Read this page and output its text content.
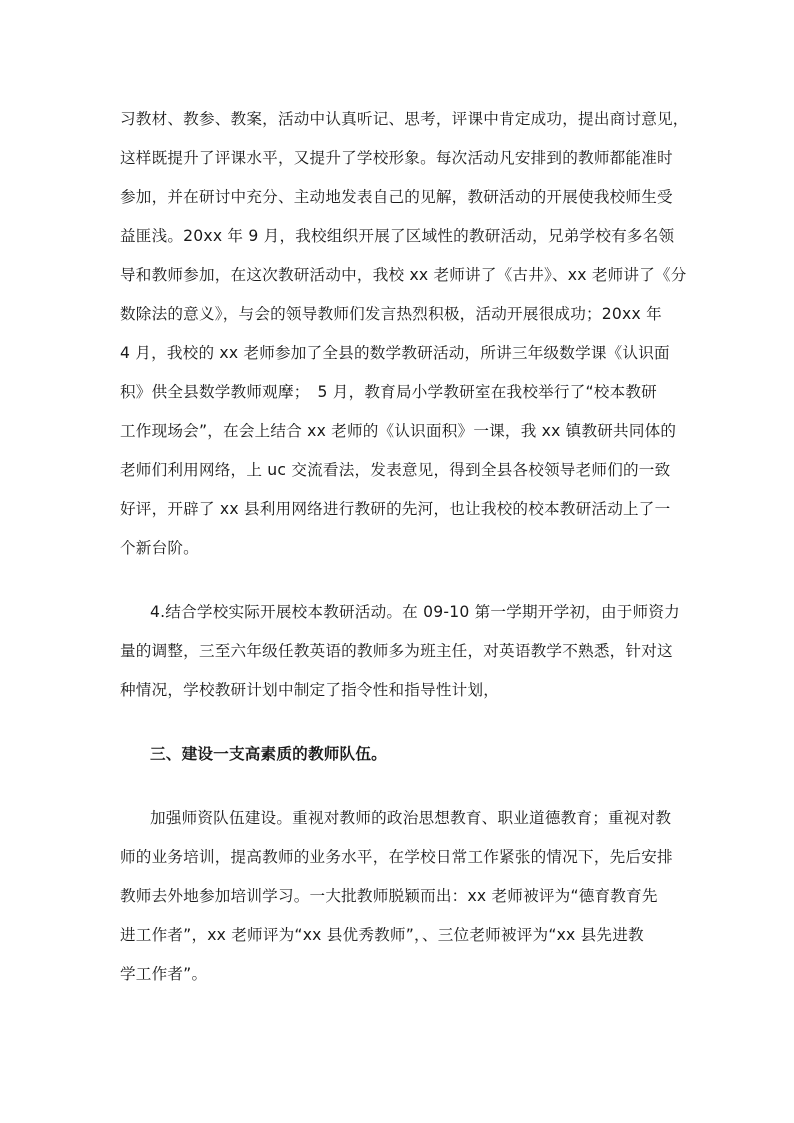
习教材、教参、教案，活动中认真听记、思考，评课中肯定成功，提出商讨意见，
这样既提升了评课水平，又提升了学校形象。每次活动凡安排到的教师都能准时
参加，并在研讨中充分、主动地发表自己的见解，教研活动的开展使我校师生受
益匪浅。20xx 年 9 月，我校组织开展了区域性的教研活动，兄弟学校有多名领
导和教师参加，在这次教研活动中，我校 xx 老师讲了《古井》、xx 老师讲了《分
数除法的意义》，与会的领导教师们发言热烈积极，活动开展很成功；20xx 年
4 月，我校的 xx 老师参加了全县的数学教研活动，所讲三年级数学课《认识面
积》供全县数学教师观摩；　5 月，教育局小学教研室在我校举行了“校本教研
工作现场会”，在会上结合 xx 老师的《认识面积》一课，我 xx 镇教研共同体的
老师们利用网络，上 uc 交流看法，发表意见，得到全县各校领导老师们的一致
好评，开辟了 xx 县利用网络进行教研的先河，也让我校的校本教研活动上了一
个新台阶。
4.结合学校实际开展校本教研活动。在 09-10 第一学期开学初，由于师资力
量的调整，三至六年级任教英语的教师多为班主任，对英语教学不熟悉，针对这
种情况，学校教研计划中制定了指令性和指导性计划，
三、建设一支高素质的教师队伍。
加强师资队伍建设。重视对教师的政治思想教育、职业道德教育；重视对教
师的业务培训，提高教师的业务水平，在学校日常工作紧张的情况下，先后安排
教师去外地参加培训学习。一大批教师脱颖而出：xx 老师被评为“德育教育先
进工作者”，xx 老师评为“xx 县优秀教师”，、三位老师被评为“xx 县先进教
学工作者”。
